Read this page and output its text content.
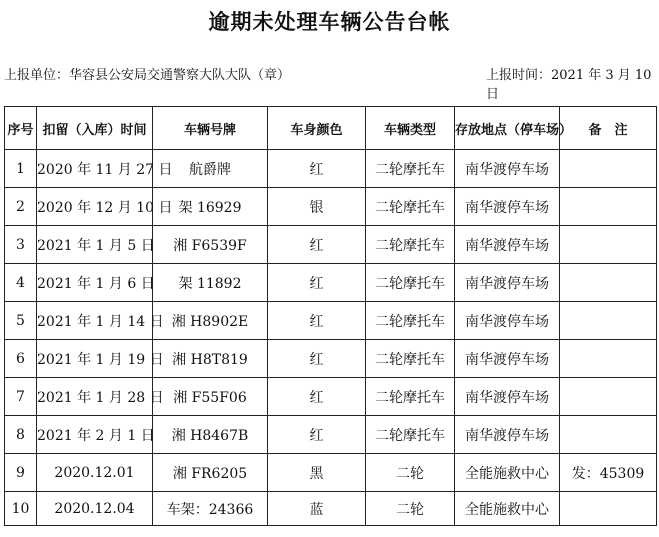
逾期未处理车辆公告台帐
上报单位：华容县公安局交通警察大队大队（章）	上报时间：2021 年 3 月 10 日
序号	扣留（入库）时间	车辆号牌	车身颜色	车辆类型	存放地点（停车场）	备　注
1	2020 年 11 月 27 日	航爵牌	红	二轮摩托车	南华渡停车场	
2	2020 年 12 月 10 日	架 16929	银	二轮摩托车	南华渡停车场	
3	2021 年 1 月 5 日	湘 F6539F	红	二轮摩托车	南华渡停车场	
4	2021 年 1 月 6 日	架 11892	红	二轮摩托车	南华渡停车场	
5	2021 年 1 月 14 日	湘 H8902E	红	二轮摩托车	南华渡停车场	
6	2021 年 1 月 19 日	湘 H8T819	红	二轮摩托车	南华渡停车场	
7	2021 年 1 月 28 日	湘 F55F06	红	二轮摩托车	南华渡停车场	
8	2021 年 2 月 1 日	湘 H8467B	红	二轮摩托车	南华渡停车场	
9	2020.12.01	湘 FR6205	黑	二轮	全能施救中心	发：45309
10	2020.12.04	车架：24366	蓝	二轮	全能施救中心	
